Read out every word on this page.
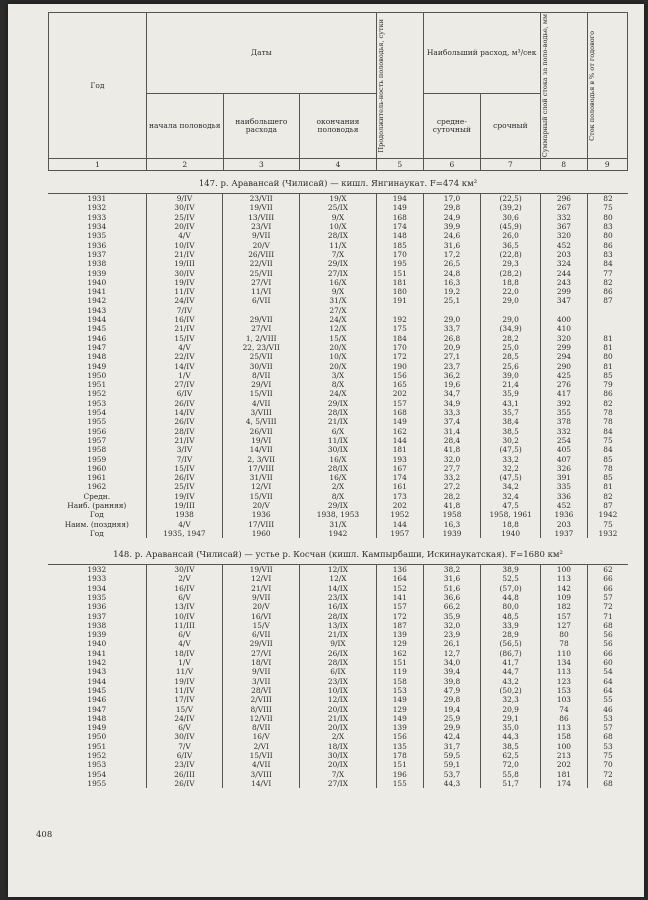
Год	Даты			Продолжитель-ность половодья, сутки	Наибольший расход, м³/сек		Суммарный слой стока за поло-водье, мм	Сток половодья в % от годового

	начала половодья	наибольшего расхода	окончания половодья		средне-суточный	срочный		
1	2	3	4	5	6	7	8	9
147. р. Аравансай (Чилисай) — кишл. Янгинаукат. F=474 км²
1931	9/IV	23/VII	19/X	194	17,0	(22,5)	296	82
1932	30/IV	19/VII	25/IX	149	29,8	(39,2)	267	75
1933	25/IV	13/VIII	9/X	168	24,9	30,6	332	80
1934	20/IV	23/VI	10/X	174	39,9	(45,9)	367	83
1935	4/V	9/VII	28/IX	148	24,6	26,0	320	80
1936	10/IV	20/V	11/X	185	31,6	36,5	452	86
1937	21/IV	26/VIII	7/X	170	17,2	(22,8)	203	83
1938	19/III	22/VII	29/IX	195	26,5	29,3	324	84
1939	30/IV	25/VII	27/IX	151	24,8	(28,2)	244	77
1940	19/IV	27/VI	16/X	181	16,3	18,8	243	82
1941	11/IV	11/VI	9/X	180	19,2	22,0	299	86
1942	24/IV	6/VII	31/X	191	25,1	29,0	347	87
1943	7/IV		27/X					
1944	16/IV	29/VII	24/X	192	29,0	29,0	400	
1945	21/IV	27/VI	12/X	175	33,7	(34,9)	410	
1946	15/IV	1, 2/VIII	15/X	184	26,8	28,2	320	81
1947	4/V	22, 23/VII	20/X	170	20,9	25,0	299	81
1948	22/IV	25/VII	10/X	172	27,1	28,5	294	80
1949	14/IV	30/VII	20/X	190	23,7	25,6	290	81
1950	1/V	8/VII	3/X	156	36,2	39,0	425	85
1951	27/IV	29/VI	8/X	165	19,6	21,4	276	79
1952	6/IV	15/VII	24/X	202	34,7	35,9	417	86
1953	26/IV	4/VII	29/IX	157	34,9	43,1	392	82
1954	14/IV	3/VIII	28/IX	168	33,3	35,7	355	78
1955	26/IV	4, 5/VIII	21/IX	149	37,4	38,4	378	78
1956	28/IV	26/VII	6/X	162	31,4	38,5	332	84
1957	21/IV	19/VI	11/IX	144	28,4	30,2	254	75
1958	3/IV	14/VII	30/IX	181	41,8	(47,5)	405	84
1959	7/IV	2, 3/VII	16/X	193	32,0	33,2	407	85
1960	15/IV	17/VIII	28/IX	167	27,7	32,2	326	78
1961	26/IV	31/VII	16/X	174	33,2	(47,5)	391	85
1962	25/IV	12/VI	2/X	161	27,2	34,2	335	81
Средн.	19/IV	15/VII	8/X	173	28,2	32,4	336	82
Наиб. (ранняя)	19/III	20/V	29/IX	202	41,8	47,5	452	87
Год	1938	1936	1938, 1953	1952	1958	1958, 1961	1936	1942
Наим. (поздняя)	4/V	17/VIII	31/X	144	16,3	18,8	203	75
Год	1935, 1947	1960	1942	1957	1939	1940	1937	1932
148. р. Аравансай (Чилисай) — устье р. Косчан (кишл. Кампырбаши, Искинаукатская). F=1680 км²
1932	30/IV	19/VII	12/IX	136	38,2	38,9	100	62
1933	2/V	12/VI	12/X	164	31,6	52,5	113	66
1934	16/IV	21/VI	14/IX	152	51,6	(57,0)	142	66
1935	6/V	9/VII	23/IX	141	36,6	44,8	109	57
1936	13/IV	20/V	16/IX	157	66,2	80,0	182	72
1937	10/IV	16/VI	28/IX	172	35,9	48,5	157	71
1938	11/III	15/V	13/IX	187	32,0	33,9	127	68
1939	6/V	6/VII	21/IX	139	23,9	28,9	80	56
1940	4/V	29/VII	9/IX	129	26,1	(56,5)	78	56
1941	18/IV	27/VI	26/IX	162	12,7	(86,7)	110	66
1942	1/V	18/VI	28/IX	151	34,0	41,7	134	60
1943	11/V	9/VII	6/IX	119	39,4	44,7	113	54
1944	19/IV	3/VII	23/IX	158	39,8	43,2	123	64
1945	11/IV	28/VI	10/IX	153	47,9	(50,2)	153	64
1946	17/IV	2/VIII	12/IX	149	29,8	32,3	103	55
1947	15/V	8/VIII	20/IX	129	19,4	20,9	74	46
1948	24/IV	12/VII	21/IX	149	25,9	29,1	86	53
1949	6/V	8/VII	20/IX	139	29,9	35,0	113	57
1950	30/IV	16/V	2/X	156	42,4	44,3	158	68
1951	7/V	2/VI	18/IX	135	31,7	38,5	100	53
1952	6/IV	15/VII	30/IX	178	59,5	62,5	213	75
1953	23/IV	4/VII	20/IX	151	59,1	72,0	202	70
1954	26/III	3/VIII	7/X	196	53,7	55,8	181	72
1955	26/IV	14/VI	27/IX	155	44,3	51,7	174	68
408
